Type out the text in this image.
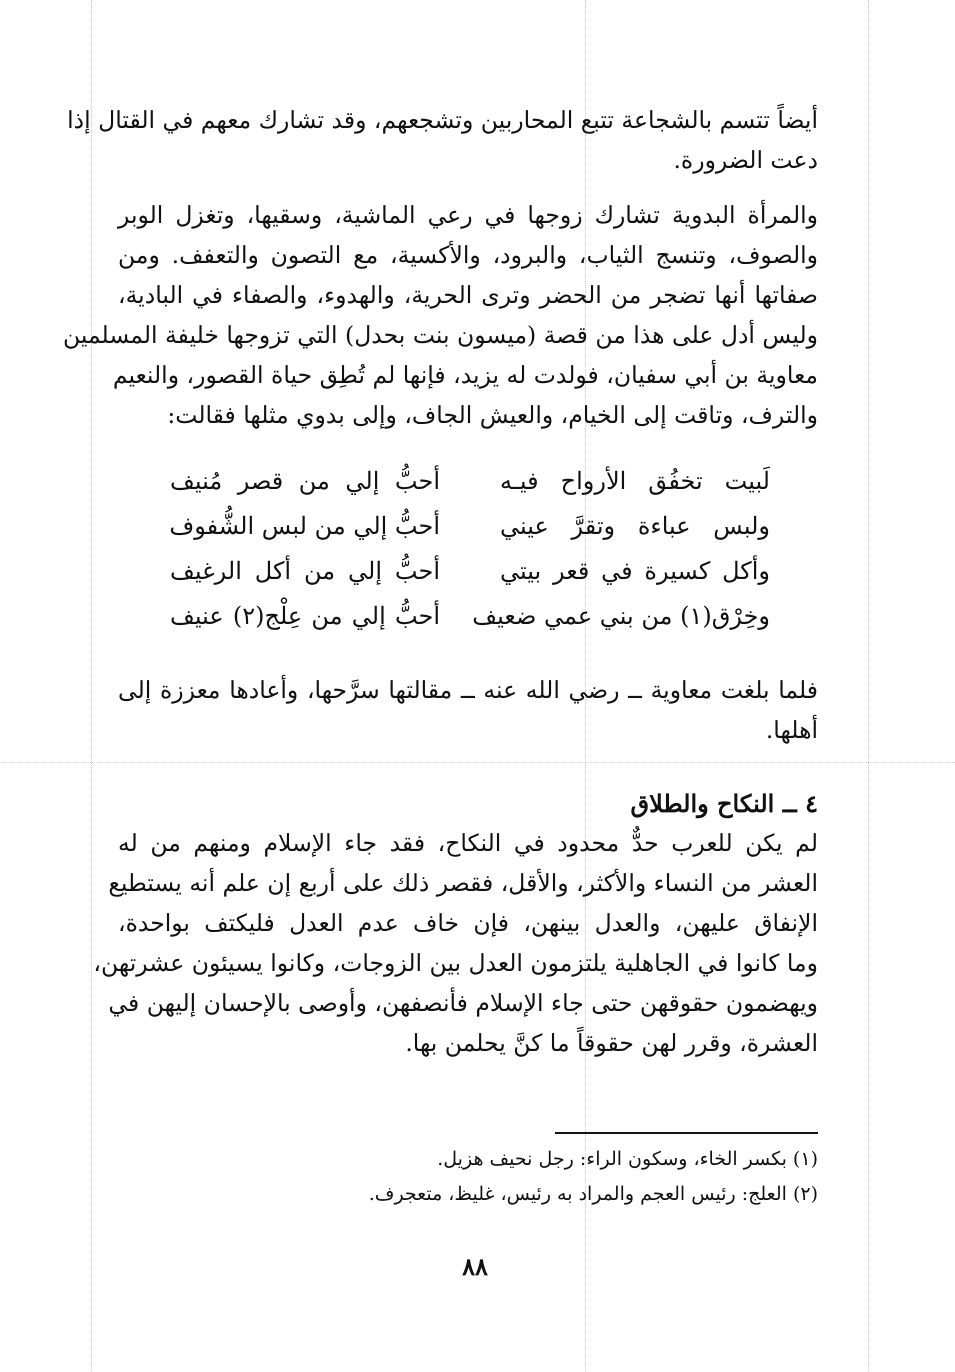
أيضاً تتسم بالشجاعة تتبع المحاربين وتشجعهم، وقد تشارك معهم في القتال إذا
دعت الضرورة.
والمرأة البدوية تشارك زوجها في رعي الماشية، وسقيها، وتغزل الوبر
والصوف، وتنسج الثياب، والبرود، والأكسية، مع التصون والتعفف. ومن
صفاتها أنها تضجر من الحضر وترى الحرية، والهدوء، والصفاء في البادية،
وليس أدل على هذا من قصة (ميسون بنت بحدل) التي تزوجها خليفة المسلمين
معاوية بن أبي سفيان، فولدت له يزيد، فإنها لم تُطِق حياة القصور، والنعيم
والترف، وتاقت إلى الخيام، والعيش الجاف، وإلى بدوي مثلها فقالت:
لَبيت تخفُق الأرواح فيـه
أحبُّ إلي من قصر مُنيف
ولبس عباءة وتقرَّ عيني
أحبُّ إلي من لبس الشُّفوف
وأكل كسيرة في قعر بيتي
أحبُّ إلي من أكل الرغيف
وخِرْق(١) من بني عمي ضعيف
أحبُّ إلي من عِلْج(٢) عنيف
فلما بلغت معاوية ــ رضي الله عنه ــ مقالتها سرَّحها، وأعادها معززة إلى
أهلها.
٤ ــ النكاح والطلاق
لم يكن للعرب حدٌّ محدود في النكاح، فقد جاء الإسلام ومنهم من له
العشر من النساء والأكثر، والأقل، فقصر ذلك على أربع إن علم أنه يستطيع
الإنفاق عليهن، والعدل بينهن، فإن خاف عدم العدل فليكتف بواحدة،
وما كانوا في الجاهلية يلتزمون العدل بين الزوجات، وكانوا يسيئون عشرتهن،
ويهضمون حقوقهن حتى جاء الإسلام فأنصفهن، وأوصى بالإحسان إليهن في
العشرة، وقرر لهن حقوقاً ما كنَّ يحلمن بها.
(١) بكسر الخاء، وسكون الراء: رجل نحيف هزيل.
(٢) العلج: رئيس العجم والمراد به رئيس، غليظ، متعجرف.
٨٨
